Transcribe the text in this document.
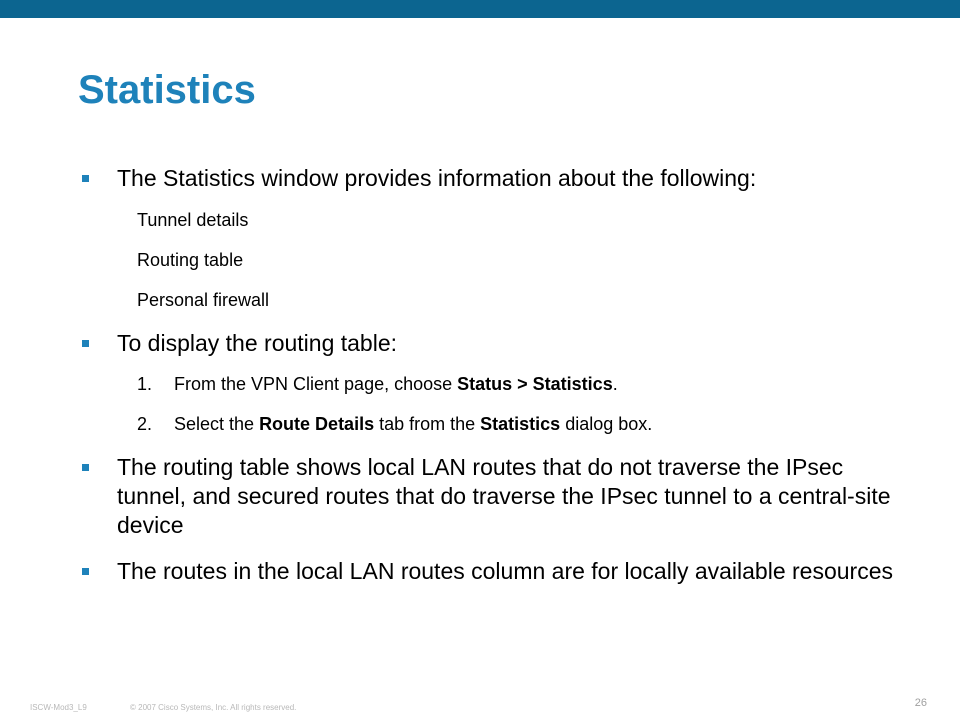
Statistics
The Statistics window provides information about the following:
Tunnel details
Routing table
Personal firewall
To display the routing table:
1. From the VPN Client page, choose Status > Statistics.
2. Select the Route Details tab from the Statistics dialog box.
The routing table shows local LAN routes that do not traverse the IPsec tunnel, and secured routes that do traverse the IPsec tunnel to a central-site device
The routes in the local LAN routes column are for locally available resources
ISCW-Mod3_L9	© 2007 Cisco Systems, Inc. All rights reserved.	26
